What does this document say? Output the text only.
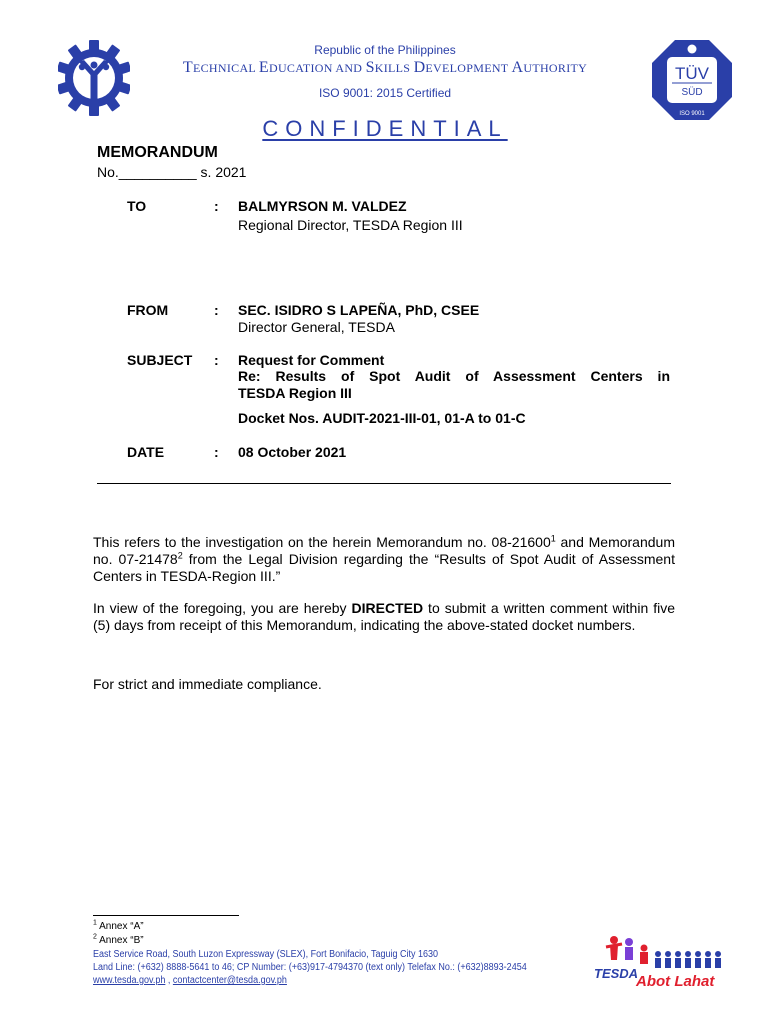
Republic of the Philippines
TECHNICAL EDUCATION AND SKILLS DEVELOPMENT AUTHORITY
ISO 9001: 2015 Certified
TÜV
SÜD
ISO 9001
CONFIDENTIAL
MEMORANDUM
No.__________ s. 2021
TO	: BALMYRSON M. VALDEZ
Regional Director, TESDA Region III
FROM	: SEC. ISIDRO S LAPEÑA, PhD, CSEE
Director General, TESDA
SUBJECT : Request for Comment
Re: Results of Spot Audit of Assessment Centers in
TESDA Region III
Docket Nos. AUDIT-2021-III-01, 01-A to 01-C
DATE	: 08 October 2021
This refers to the investigation on the herein Memorandum no. 08-21600$^1$ and Memorandum no. 07-21478$^2$ from the Legal Division regarding the “Results of Spot Audit of Assessment Centers in TESDA-Region III.”
In view of the foregoing, you are hereby DIRECTED to submit a written comment within five (5) days from receipt of this Memorandum, indicating the above-stated docket numbers.
For strict and immediate compliance.
$^1$ Annex “A”
$^2$ Annex “B”
East Service Road, South Luzon Expressway (SLEX), Fort Bonifacio, Taguig City 1630
Land Line: (+632) 8888-5641 to 46; CP Number: (+63)917-4794370 (text only) Telefax No.: (+632)8893-2454
www.tesda.gov.ph , contactcenter@tesda.gov.ph	TESDA
Abot Lahat
